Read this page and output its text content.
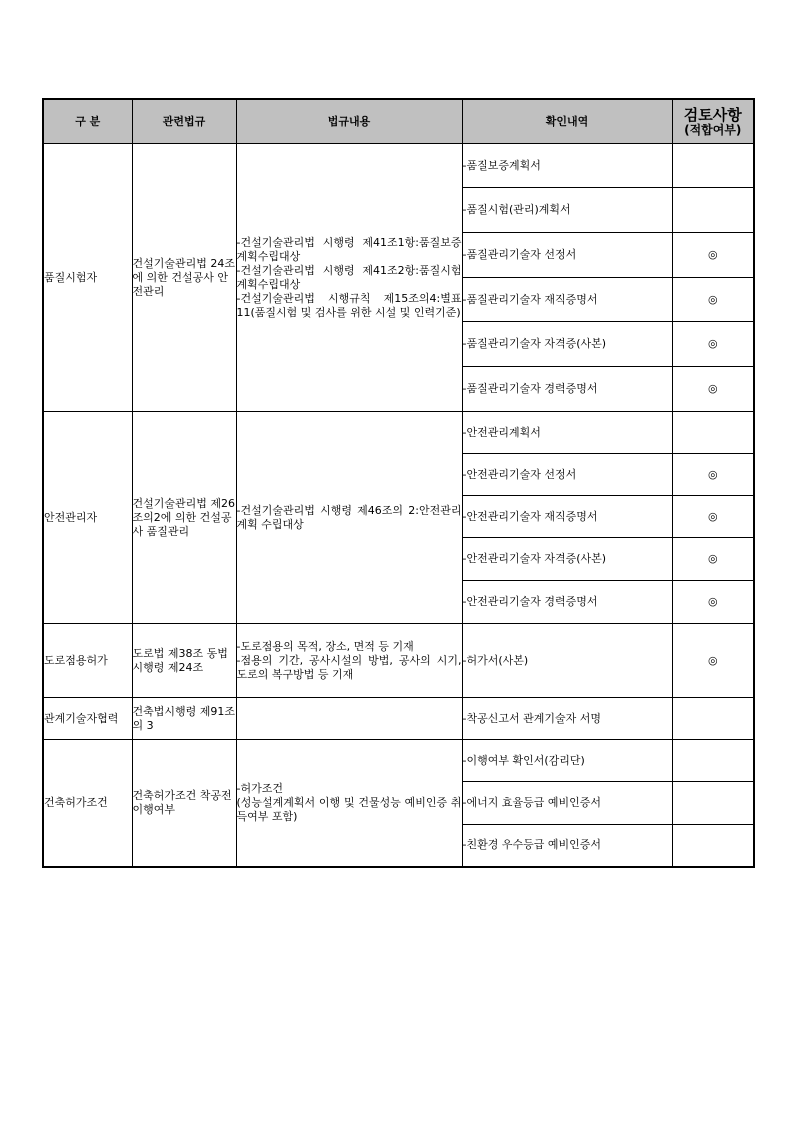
구 분	관련법규	법규내용	확인내역	검토사항
(적합여부)

품질시험자	건설기술관리법 24조에 의한 건설공사 안전관리	-건설기술관리법 시행령 제41조1항:품질보증계획수립대상
-건설기술관리법 시행령 제41조2항:품질시험계획수립대상
-건설기술관리법 시행규칙 제15조의4:별표11(품질시험 및 검사를 위한 시설 및 인력기준)	-품질보증계획서	
			-품질시험(관리)계획서	
			-품질관리기술자 선정서	◎
			-품질관리기술자 재직증명서	◎
			-품질관리기술자 자격증(사본)	◎
			-품질관리기술자 경력증명서	◎
안전관리자	건설기술관리법 제26조의2에 의한 건설공사 품질관리	-건설기술관리법 시행령 제46조의 2:안전관리계획 수립대상	-안전관리계획서	
			-안전관리기술자 선정서	◎
			-안전관리기술자 재직증명서	◎
			-안전관리기술자 자격증(사본)	◎
			-안전관리기술자 경력증명서	◎
도로점용허가	도로법 제38조 동법 시행령 제24조	-도로점용의 목적, 장소, 면적 등 기재
-점용의 기간, 공사시설의 방법, 공사의 시기, 도로의 복구방법 등 기재	-허가서(사본)	◎
관계기술자협력	건축법시행령 제91조의 3		-착공신고서 관계기술자 서명	
건축허가조건	건축허가조건 착공전 이행여부	-허가조건
(성능설계계획서 이행 및 건물성능 예비인증 취득여부 포함)	-이행여부 확인서(감리단)	
			-에너지 효율등급 예비인증서	
			-친환경 우수등급 예비인증서	
